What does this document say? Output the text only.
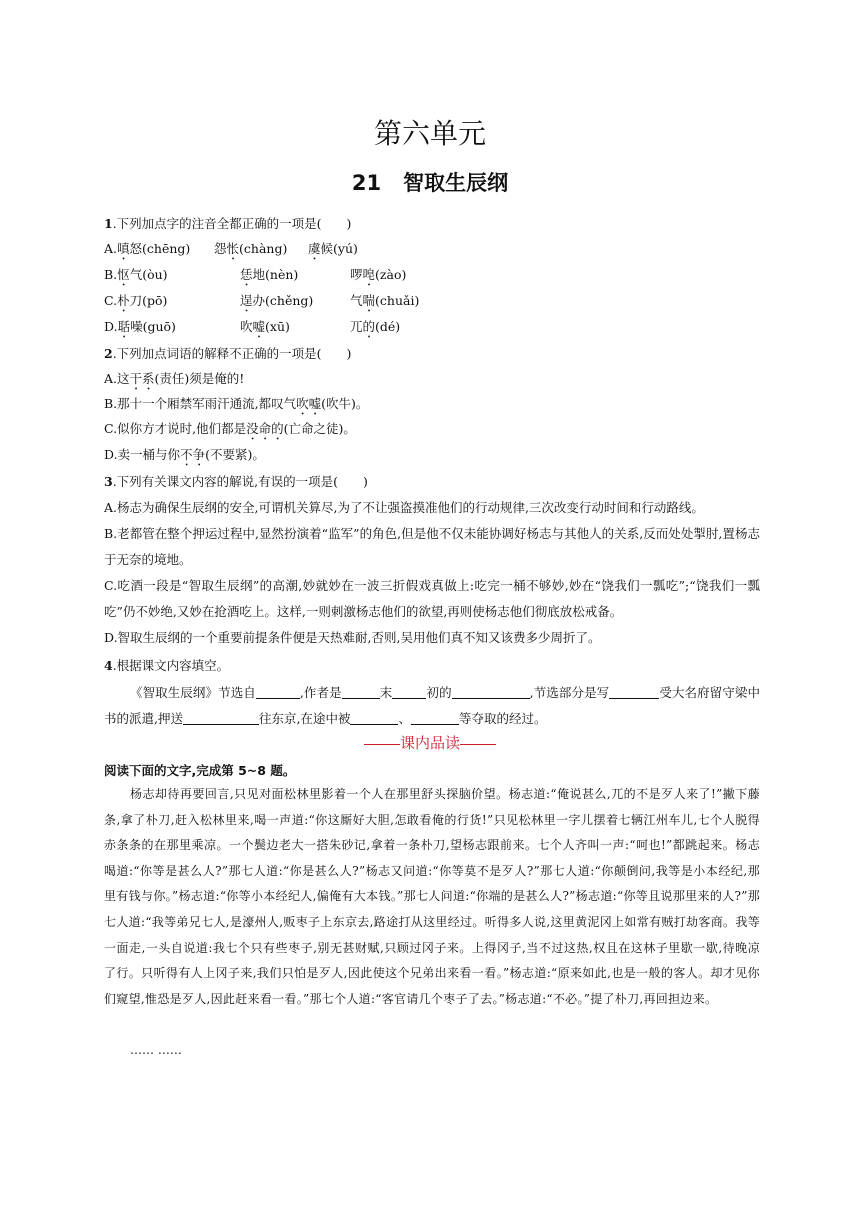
第六单元
21 智取生辰纲
1.下列加点字的注音全都正确的一项是(　　)
A.嗔怒(chēng) 怨怅(chàng) 虞候(yú)
B.怄气(òu)	恁地(nèn)	啰唣(zào)
C.朴刀(pō)	逞办(chěng)	气喘(chuǎi)
D.聒噪(guō)	吹嘘(xū)	兀的(dé)
2.下列加点词语的解释不正确的一项是(　　)
A.这干系(责任)须是俺的!
B.那十一个厢禁军雨汗通流,都叹气吹嘘(吹牛)。
C.似你方才说时,他们都是没命的(亡命之徒)。
D.卖一桶与你不争(不要紧)。
3.下列有关课文内容的解说,有误的一项是(　　)
A.杨志为确保生辰纲的安全,可谓机关算尽,为了不让强盗摸准他们的行动规律,三次改变行动时间和行动路线。
B.老都管在整个押运过程中,显然扮演着“监军”的角色,但是他不仅未能协调好杨志与其他人的关系,反而处处掣肘,置杨志于无奈的境地。
C.吃酒一段是“智取生辰纲”的高潮,妙就妙在一波三折假戏真做上:吃完一桶不够妙,妙在“饶我们一瓢吃”;“饶我们一瓢吃”仍不妙绝,又妙在抢酒吃上。这样,一则刺激杨志他们的欲望,再则使杨志他们彻底放松戒备。
D.智取生辰纲的一个重要前提条件便是天热难耐,否则,吴用他们真不知又该费多少周折了。
4.根据课文内容填空。
《智取生辰纲》节选自	,作者是	末	初的	,节选部分是写	受大名府留守梁中书的派遣,押送	往东京,在途中被	、	等夺取的经过。
课内品读
阅读下面的文字,完成第 5~8 题。
杨志却待再要回言,只见对面松林里影着一个人在那里舒头探脑价望。杨志道:“俺说甚么,兀的不是歹人来了!”撇下藤条,拿了朴刀,赶入松林里来,喝一声道:“你这厮好大胆,怎敢看俺的行货!”只见松林里一字儿摆着七辆江州车儿,七个人脱得赤条条的在那里乘凉。一个鬓边老大一搭朱砂记,拿着一条朴刀,望杨志跟前来。七个人齐叫一声:“呵也!”都跳起来。杨志喝道:“你等是甚么人?”那七人道:“你是甚么人?”杨志又问道:“你等莫不是歹人?”那七人道:“你颠倒问,我等是小本经纪,那里有钱与你。”杨志道:“你等小本经纪人,偏俺有大本钱。”那七人问道:“你端的是甚么人?”杨志道:“你等且说那里来的人?”那七人道:“我等弟兄七人,是濠州人,贩枣子上东京去,路途打从这里经过。听得多人说,这里黄泥冈上如常有贼打劫客商。我等一面走,一头自说道:我七个只有些枣子,别无甚财赋,只顾过冈子来。上得冈子,当不过这热,权且在这林子里歇一歇,待晚凉了行。只听得有人上冈子来,我们只怕是歹人,因此使这个兄弟出来看一看。”杨志道:“原来如此,也是一般的客人。却才见你们窥望,惟恐是歹人,因此赶来看一看。”那七个人道:“客官请几个枣子了去。”杨志道:“不必。”提了朴刀,再回担边来。
…… ……
